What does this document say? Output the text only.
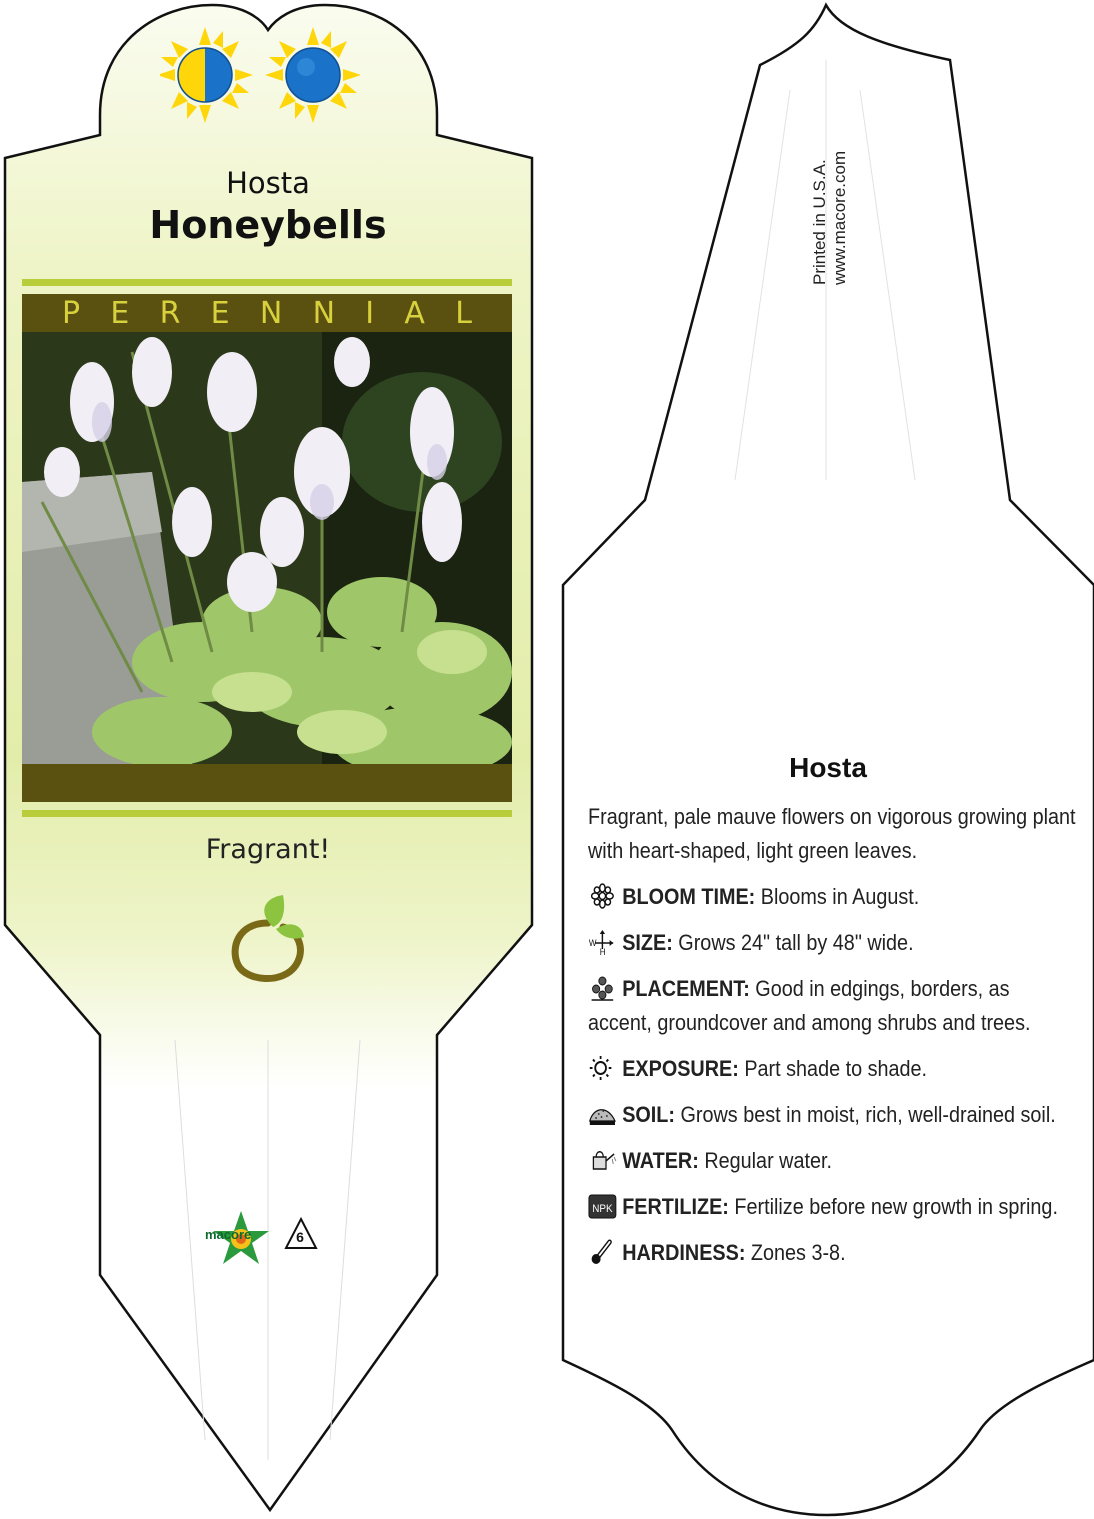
Hosta
Honeybells
P E R E N N I A L
Fragrant!
macore	6
Printed in U.S.A. www.macore.com
Hosta

Fragrant, pale mauve flowers on vigorous growing plant with heart-shaped, light green leaves.

BLOOM TIME: Blooms in August.
W
H SIZE: Grows 24" tall by 48" wide.
PLACEMENT: Good in edgings, borders, as accent, groundcover and among shrubs and trees.
EXPOSURE: Part shade to shade.
SOIL: Grows best in moist, rich, well-drained soil.
WATER: Regular water.
NPK FERTILIZE: Fertilize before new growth in spring.
HARDINESS: Zones 3-8.
